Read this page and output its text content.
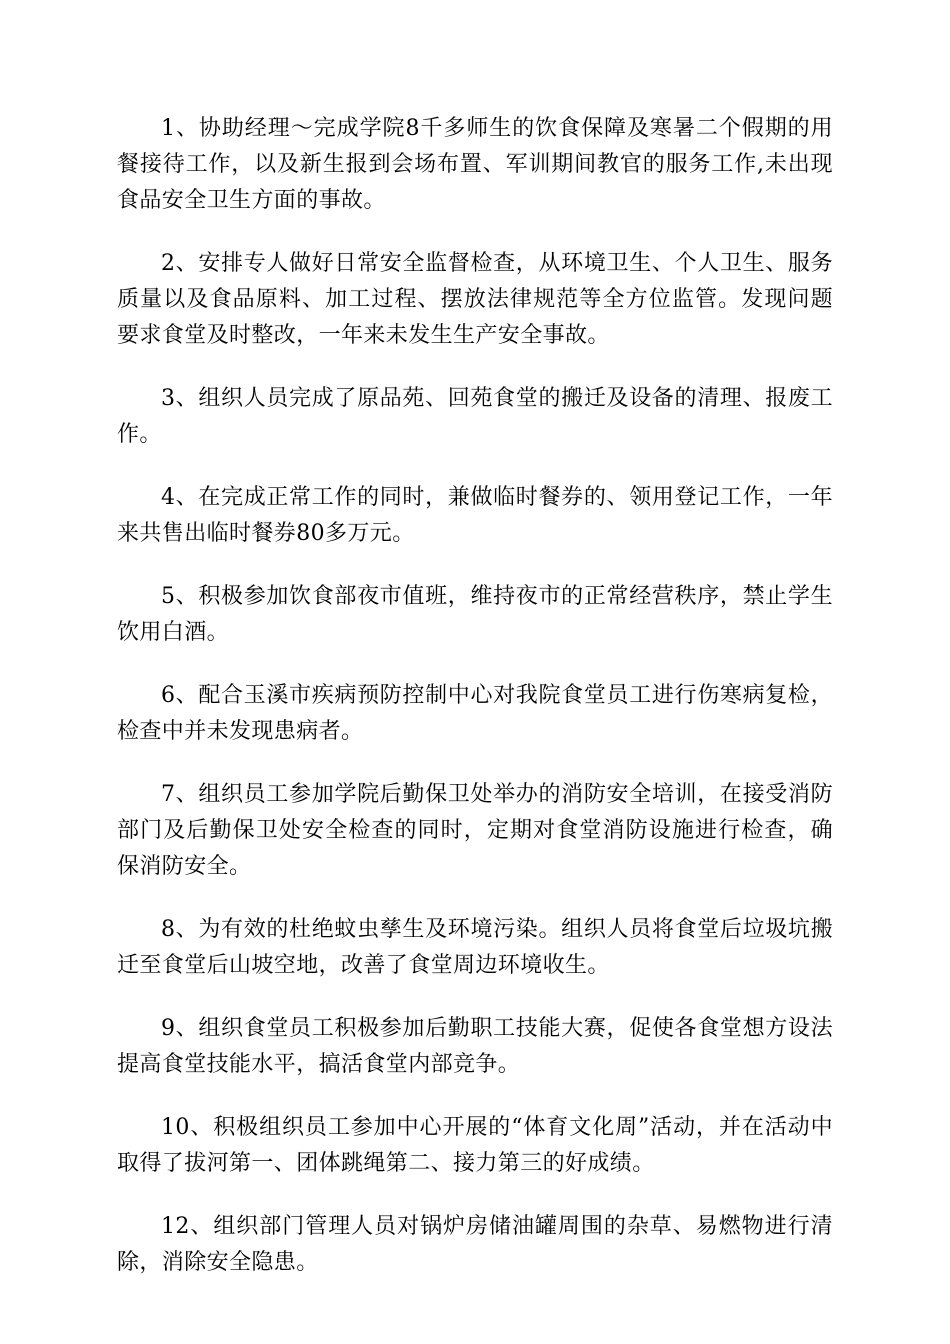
1、协助经理～完成学院8千多师生的饮食保障及寒暑二个假期的用餐接待工作，以及新生报到会场布置、军训期间教官的服务工作,未出现食品安全卫生方面的事故。

2、安排专人做好日常安全监督检查，从环境卫生、个人卫生、服务质量以及食品原料、加工过程、摆放法律规范等全方位监管。发现问题要求食堂及时整改，一年来未发生生产安全事故。

3、组织人员完成了原品苑、回苑食堂的搬迁及设备的清理、报废工作。

4、在完成正常工作的同时，兼做临时餐券的、领用登记工作，一年来共售出临时餐券80多万元。

5、积极参加饮食部夜市值班，维持夜市的正常经营秩序，禁止学生饮用白酒。

6、配合玉溪市疾病预防控制中心对我院食堂员工进行伤寒病复检，检查中并未发现患病者。

7、组织员工参加学院后勤保卫处举办的消防安全培训，在接受消防部门及后勤保卫处安全检查的同时，定期对食堂消防设施进行检查，确保消防安全。

8、为有效的杜绝蚊虫孳生及环境污染。组织人员将食堂后垃圾坑搬迁至食堂后山坡空地，改善了食堂周边环境收生。

9、组织食堂员工积极参加后勤职工技能大赛，促使各食堂想方设法提高食堂技能水平，搞活食堂内部竞争。

10、积极组织员工参加中心开展的“体育文化周”活动，并在活动中取得了拔河第一、团体跳绳第二、接力第三的好成绩。

12、组织部门管理人员对锅炉房储油罐周围的杂草、易燃物进行清除，消除安全隐患。
